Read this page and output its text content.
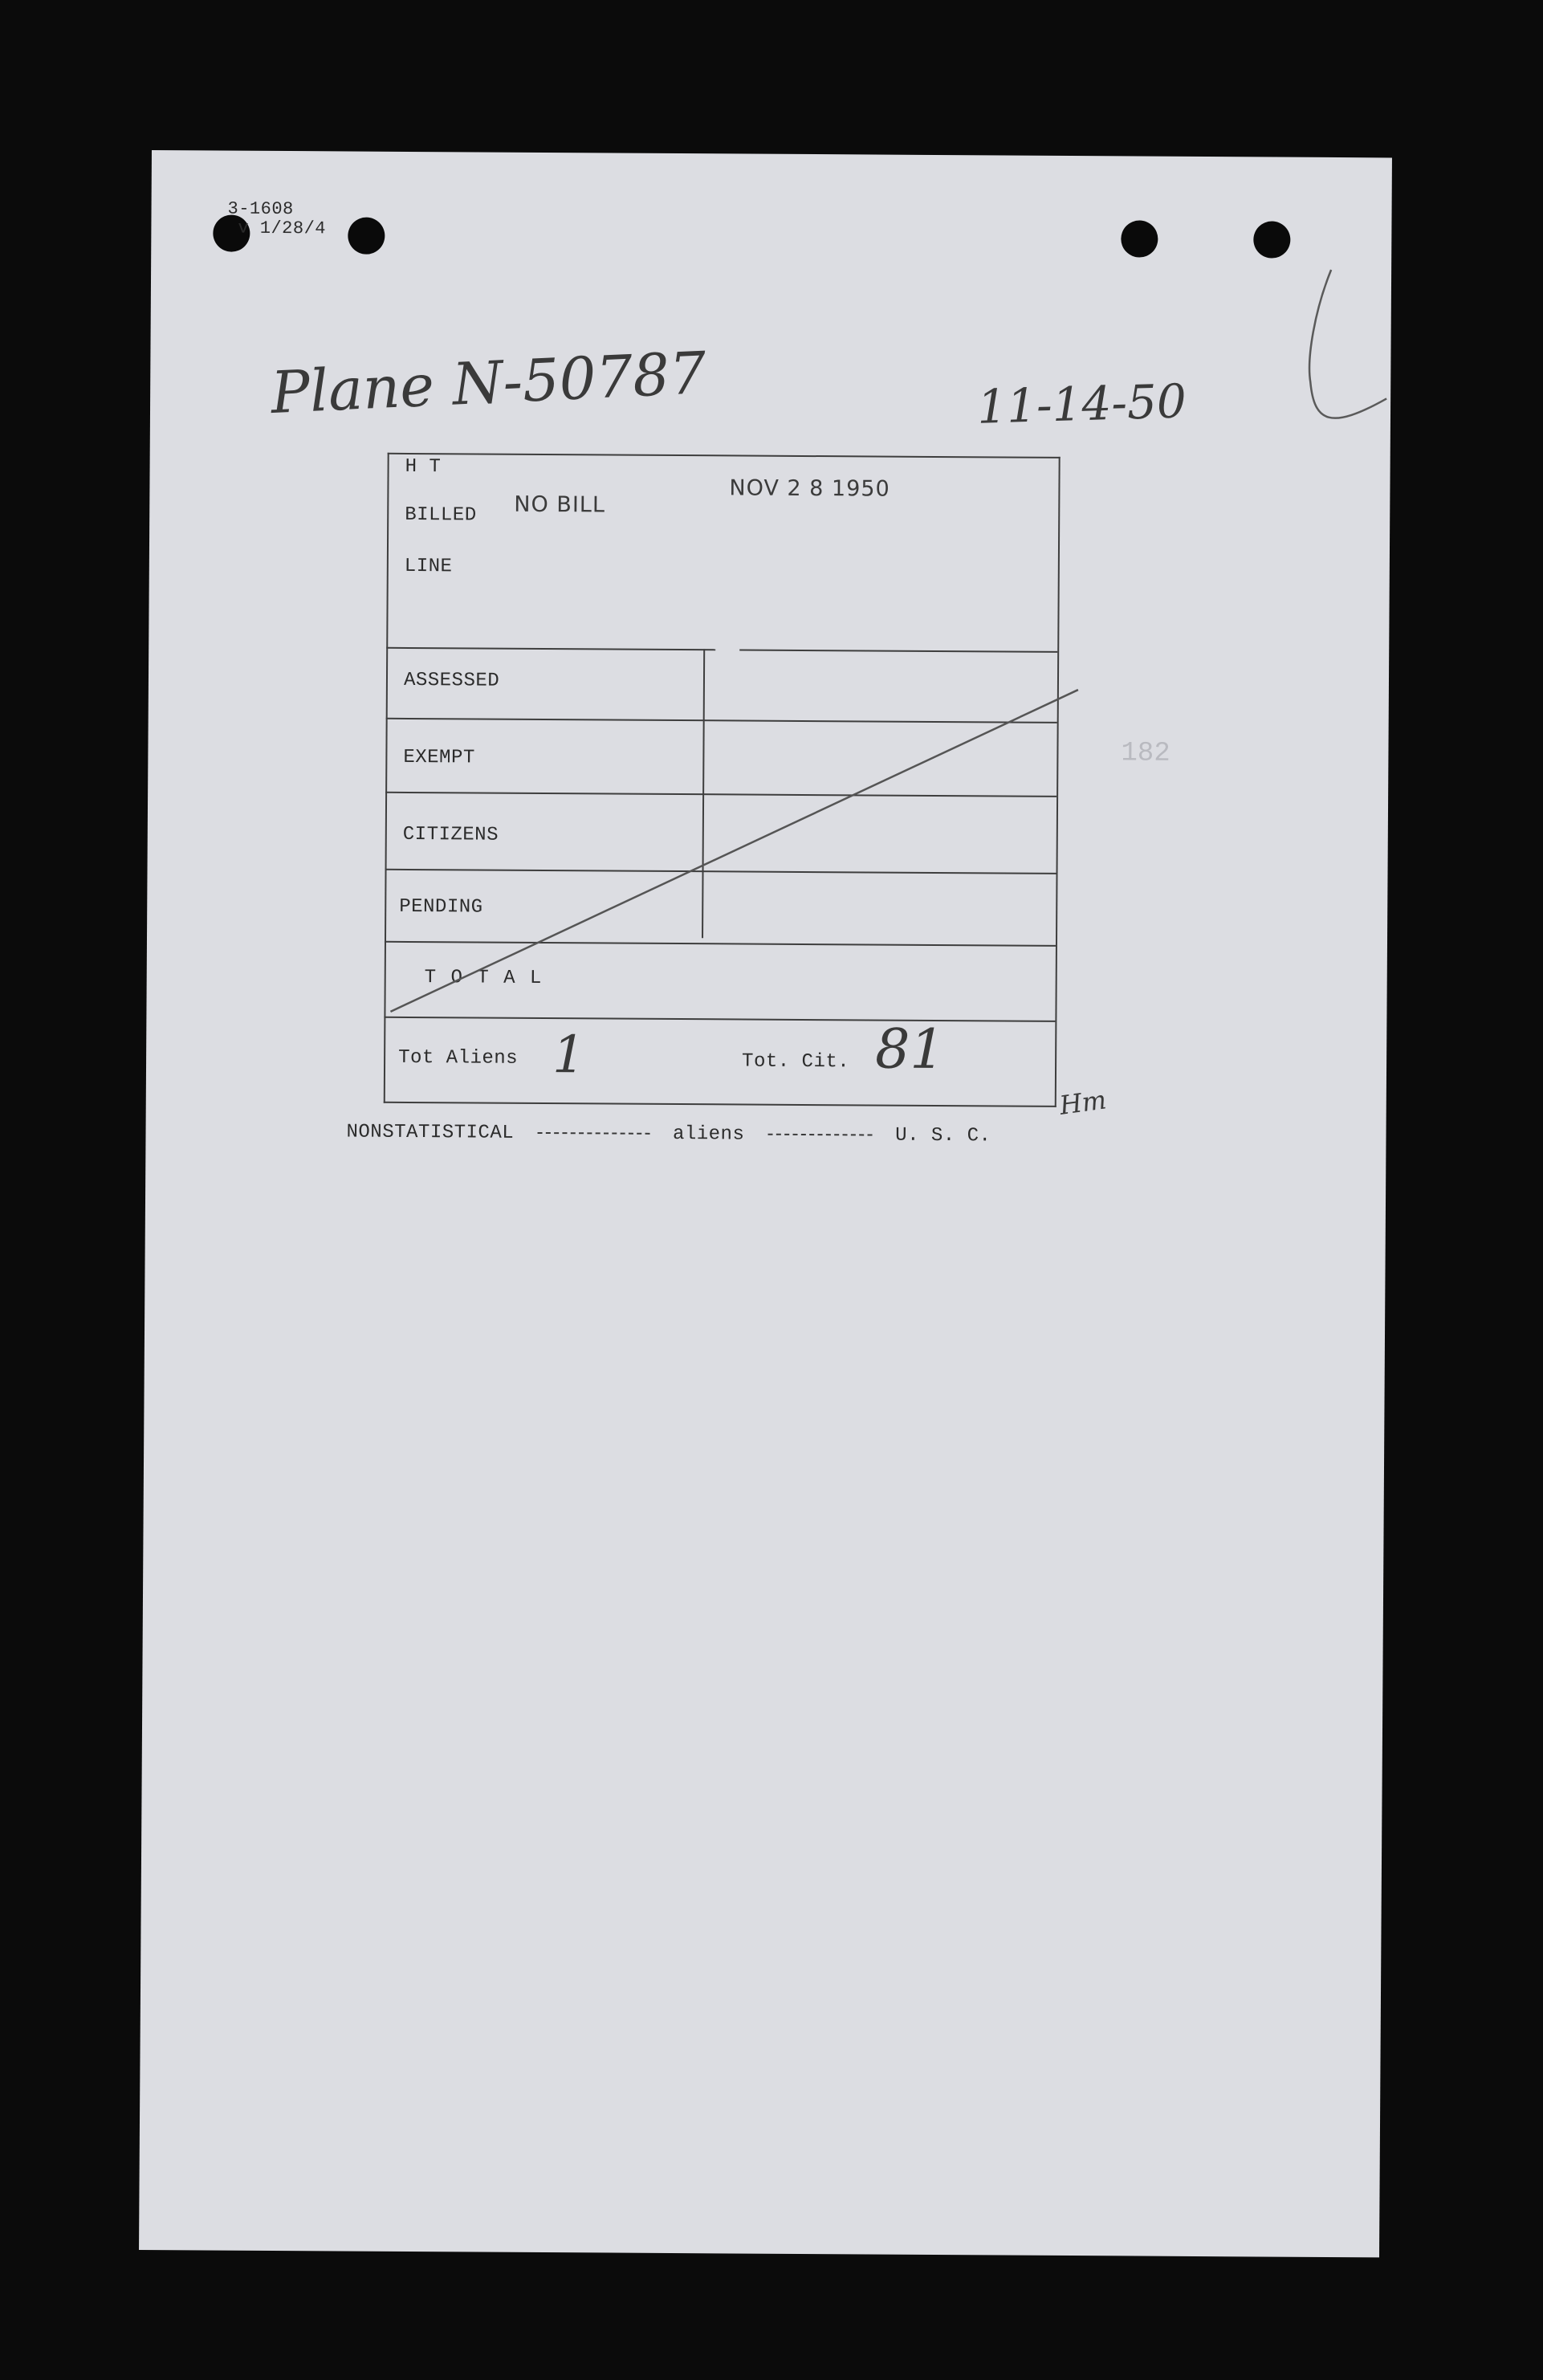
3-1608
v 1/28/4
Plane N-50787	11-14-50
H T
BILLED NO BILL
NOV 2 8 1950
LINE
ASSESSED
EXEMPT
CITIZENS
PENDING
T O T A L
Tot Aliens 1	Tot. Cit. 81
Hm
182
NONSTATISTICAL	aliens	U. S. C.
